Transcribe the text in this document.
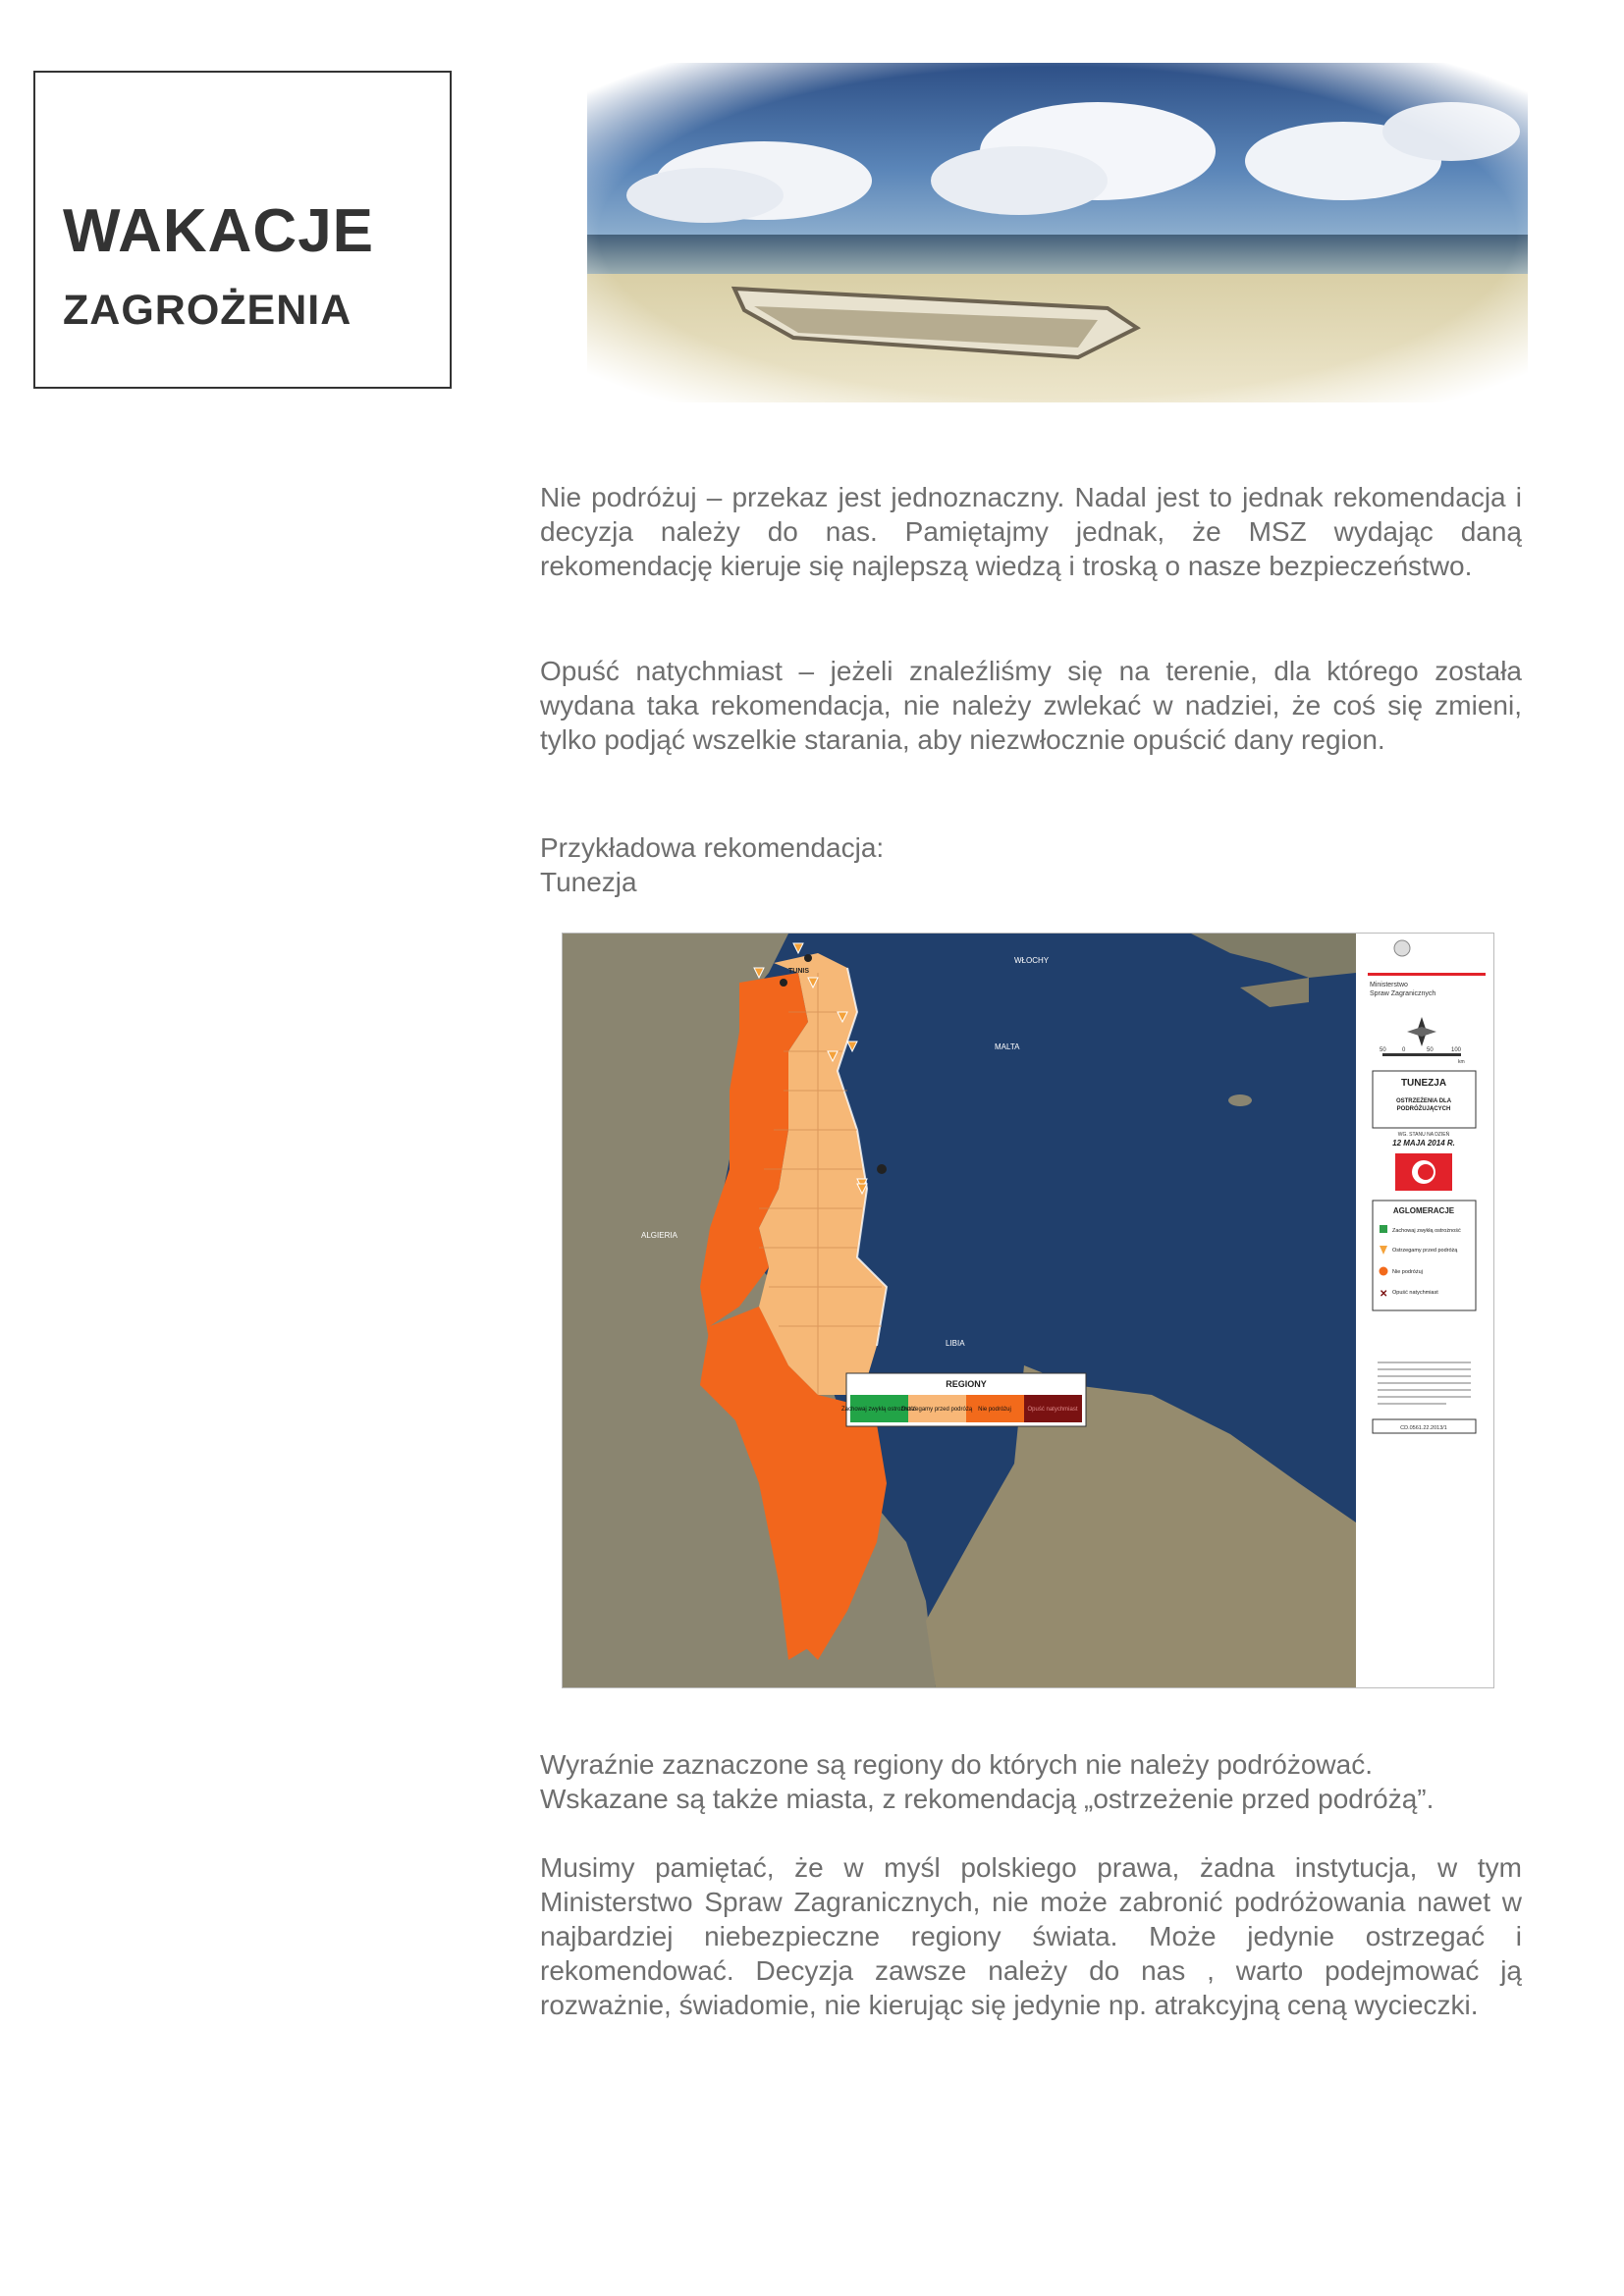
WAKACJE
ZAGROŻENIA
Nie podróżuj – przekaz jest jednoznaczny. Nadal jest to jednak rekomendacja i decyzja należy do nas. Pamiętajmy jednak, że MSZ wydając daną rekomendację kieruje się najlepszą wiedzą i troską o nasze bezpieczeństwo.
Opuść natychmiast – jeżeli znaleźliśmy się na terenie, dla którego została wydana taka rekomendacja, nie należy zwlekać w nadziei, że coś się zmieni, tylko podjąć wszelkie starania, aby niezwłocznie opuścić dany region.
Przykładowa rekomendacja:
Tunezja
WŁOCHY
MALTA
ALGIERIA
LIBIA
TUNIS
REGIONY
Zachowaj zwykłą ostrożność
Ostrzegamy przed podróżą Nie podróżuj	Opuść natychmiast
Ministerstwo
Spraw Zagranicznych
50	0	50	100
km
TUNEZJA
OSTRZEŻENIA DLA
PODRÓŻUJĄCYCH
WG. STANU NA DZIEŃ
12 MAJA 2014 R.
AGLOMERACJE
Zachowaj zwykłą ostrożność
Ostrzegamy przed podróżą
Nie podróżuj
✕ Opuść natychmiast
CD.0561.22.2013/1
Wyraźnie zaznaczone są regiony do których nie należy podróżować.
Wskazane są także miasta, z rekomendacją „ostrzeżenie przed podróżą”.
Musimy pamiętać, że w myśl polskiego prawa, żadna instytucja, w tym Ministerstwo Spraw Zagranicznych, nie może zabronić podróżowania nawet w najbardziej niebezpieczne regiony świata. Może jedynie ostrzegać i rekomendować. Decyzja zawsze należy do nas , warto podejmować ją rozważnie, świadomie, nie kierując się jedynie np. atrakcyjną ceną wycieczki.
